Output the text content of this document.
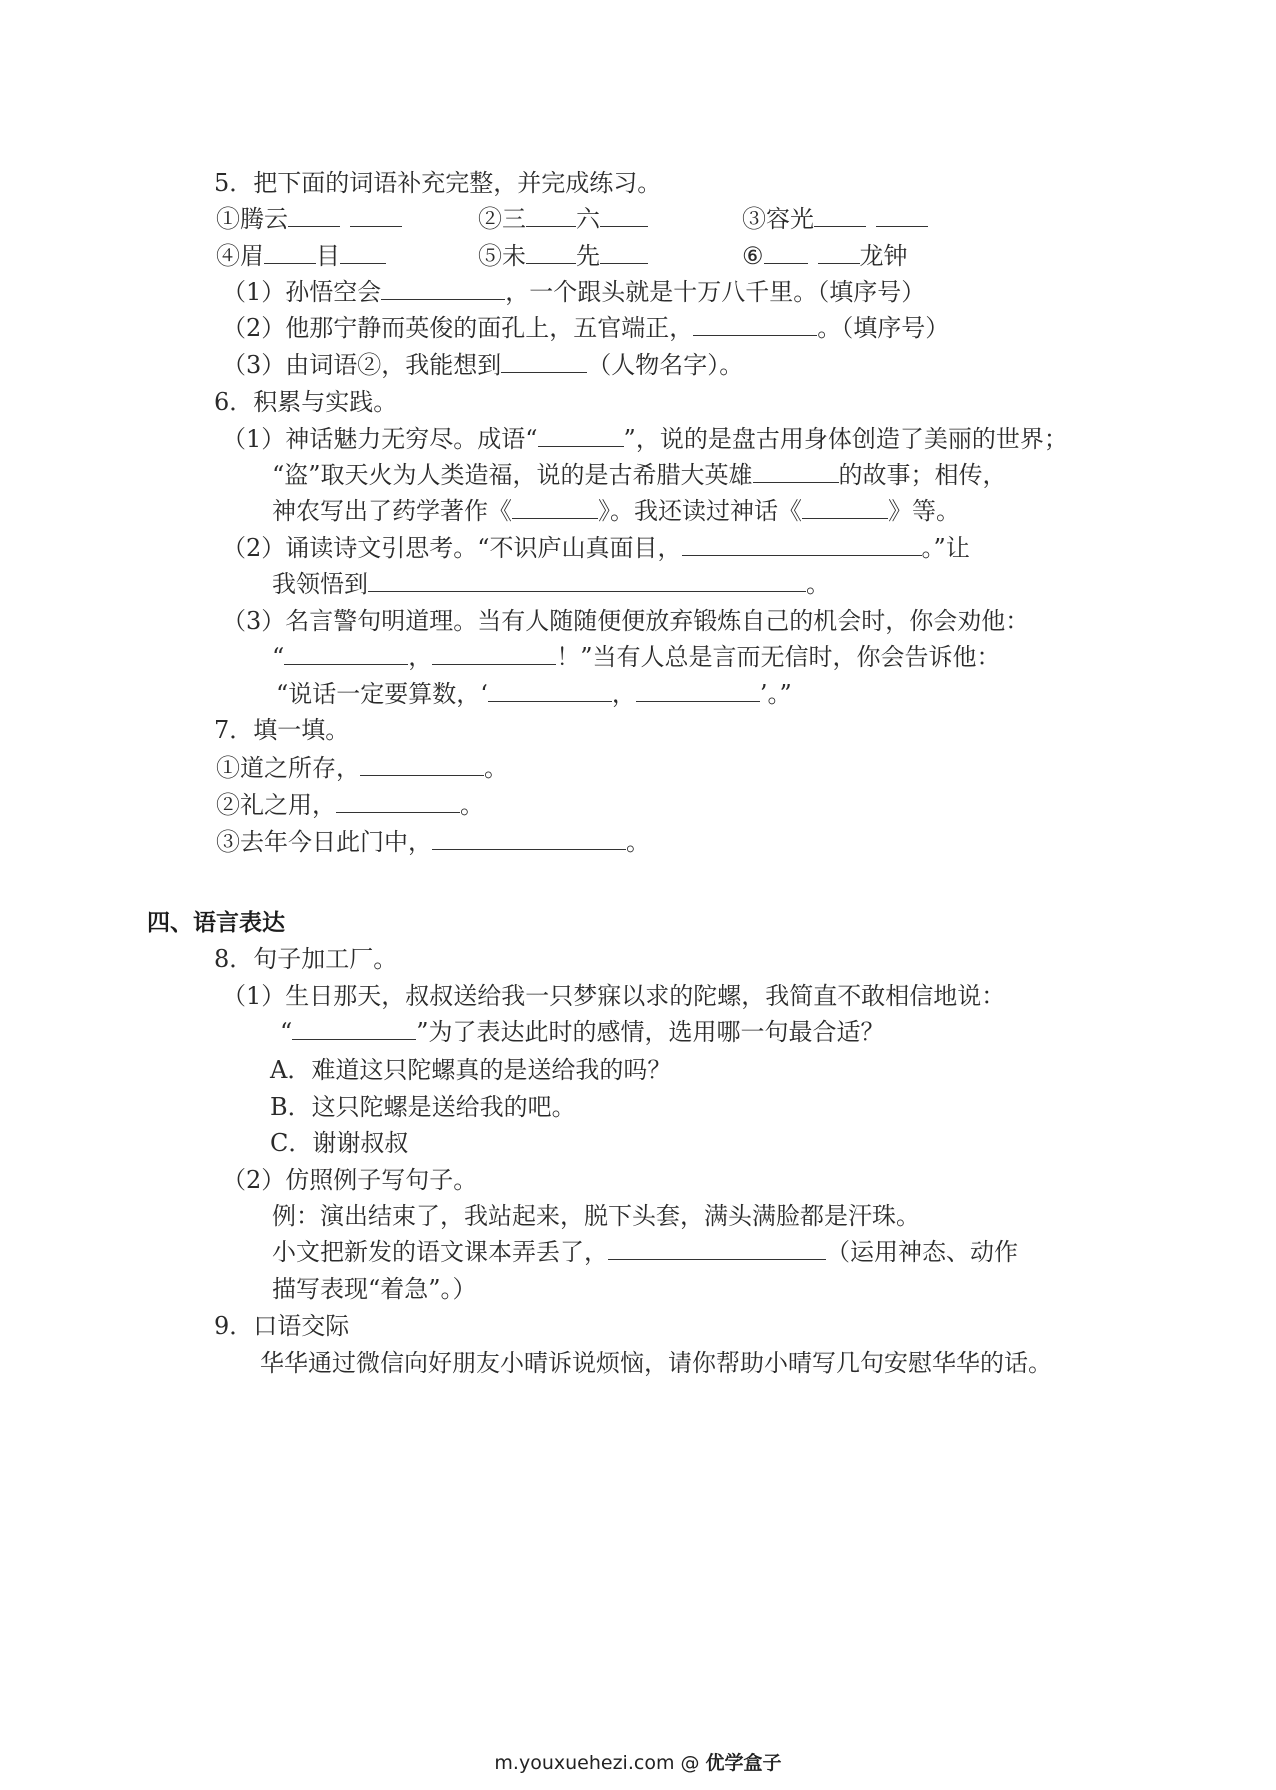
5．把下面的词语补充完整，并完成练习。
①腾云	②三 六	③容光
④眉 目	⑤未 先	⑥	龙钟
（1）孙悟空会	，一个跟头就是十万八千里。（填序号）
（2）他那宁静而英俊的面孔上，五官端正，	。（填序号）
（3）由词语②，我能想到	（人物名字）。
6．积累与实践。
（1）神话魅力无穷尽。成语“	”，说的是盘古用身体创造了美丽的世界；
“盗”取天火为人类造福，说的是古希腊大英雄	的故事；相传，
神农写出了药学著作《	》。我还读过神话《	》等。
（2）诵读诗文引思考。“不识庐山真面目，	。”让
我领悟到	。
（3）名言警句明道理。当有人随随便便放弃锻炼自己的机会时，你会劝他：
“	，	！”当有人总是言而无信时，你会告诉他：
“说话一定要算数，‘	，	’。”
7．填一填。
①道之所存，	。
②礼之用，	。
③去年今日此门中，	。
四、语言表达
8．句子加工厂。
（1）生日那天，叔叔送给我一只梦寐以求的陀螺，我简直不敢相信地说：
“	”为了表达此时的感情，选用哪一句最合适？
A．难道这只陀螺真的是送给我的吗？
B．这只陀螺是送给我的吧。
C．谢谢叔叔
（2）仿照例子写句子。
例：演出结束了，我站起来，脱下头套，满头满脸都是汗珠。
小文把新发的语文课本弄丢了，	（运用神态、动作
描写表现“着急”。）
9．口语交际
华华通过微信向好朋友小晴诉说烦恼，请你帮助小晴写几句安慰华华的话。
m.youxuehezi.com @ 优学盒子
